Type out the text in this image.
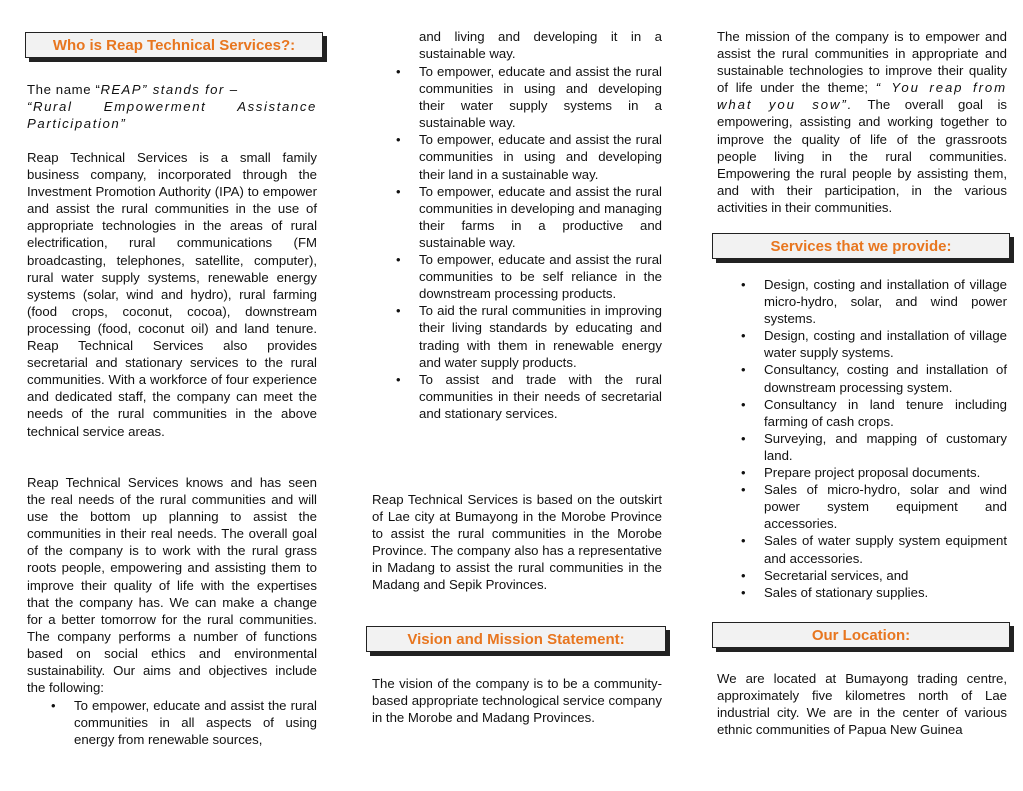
Who is Reap Technical Services?:

The name “REAP” stands for –

“Rural Empowerment Assistance Participation”

Reap Technical Services is a small family business company, incorporated through the Investment Promotion Authority (IPA) to empower and assist the rural communities in the use of appropriate technologies in the areas of rural electrification, rural communications (FM broadcasting, telephones, satellite, computer), rural water supply systems, renewable energy systems (solar, wind and hydro), rural farming (food crops, coconut, cocoa), downstream processing (food, coconut oil) and land tenure. Reap Technical Services also provides secretarial and stationary services to the rural communities. With a workforce of four experience and dedicated staff, the company can meet the needs of the rural communities in the above technical service areas.

Reap Technical Services knows and has seen the real needs of the rural communities and will use the bottom up planning to assist the communities in their real needs. The overall goal of the company is to work with the rural grass roots people, empowering and assisting them to improve their quality of life with the expertises that the company has. We can make a change for a better tomorrow for the rural communities. The company performs a number of functions based on social ethics and environmental sustainability. Our aims and objectives include the following:

• To empower, educate and assist the rural communities in all aspects of using energy from renewable sources,

and living and developing it in a sustainable way.

• To empower, educate and assist the rural communities in using and developing their water supply systems in a sustainable way.
• To empower, educate and assist the rural communities in using and developing their land in a sustainable way.
• To empower, educate and assist the rural communities in developing and managing their farms in a productive and sustainable way.
• To empower, educate and assist the rural communities to be self reliance in the downstream processing products.
• To aid the rural communities in improving their living standards by educating and trading with them in renewable energy and water supply products.
• To assist and trade with the rural communities in their needs of secretarial and stationary services.

Reap Technical Services is based on the outskirt of Lae city at Bumayong in the Morobe Province to assist the rural communities in the Morobe Province. The company also has a representative in Madang to assist the rural communities in the Madang and Sepik Provinces.

Vision and Mission Statement:

The vision of the company is to be a community-based appropriate technological service company in the Morobe and Madang Provinces.

The mission of the company is to empower and assist the rural communities in appropriate and sustainable technologies to improve their quality of life under the theme; “ You reap from what you sow”. The overall goal is empowering, assisting and working together to improve the quality of life of the grassroots people living in the rural communities. Empowering the rural people by assisting them, and with their participation, in the various activities in their communities.

Services that we provide:
• Design, costing and installation of village micro-hydro, solar, and wind power systems.
• Design, costing and installation of village water supply systems.
• Consultancy, costing and installation of downstream processing system.
• Consultancy in land tenure including farming of cash crops.
• Surveying, and mapping of customary land.
• Prepare project proposal documents.
• Sales of micro-hydro, solar and wind power system equipment and accessories.
• Sales of water supply system equipment and accessories.
• Secretarial services, and
• Sales of stationary supplies.
Our Location:

We are located at Bumayong trading centre, approximately five kilometres north of Lae industrial city. We are in the center of various ethnic communities of Papua New Guinea
